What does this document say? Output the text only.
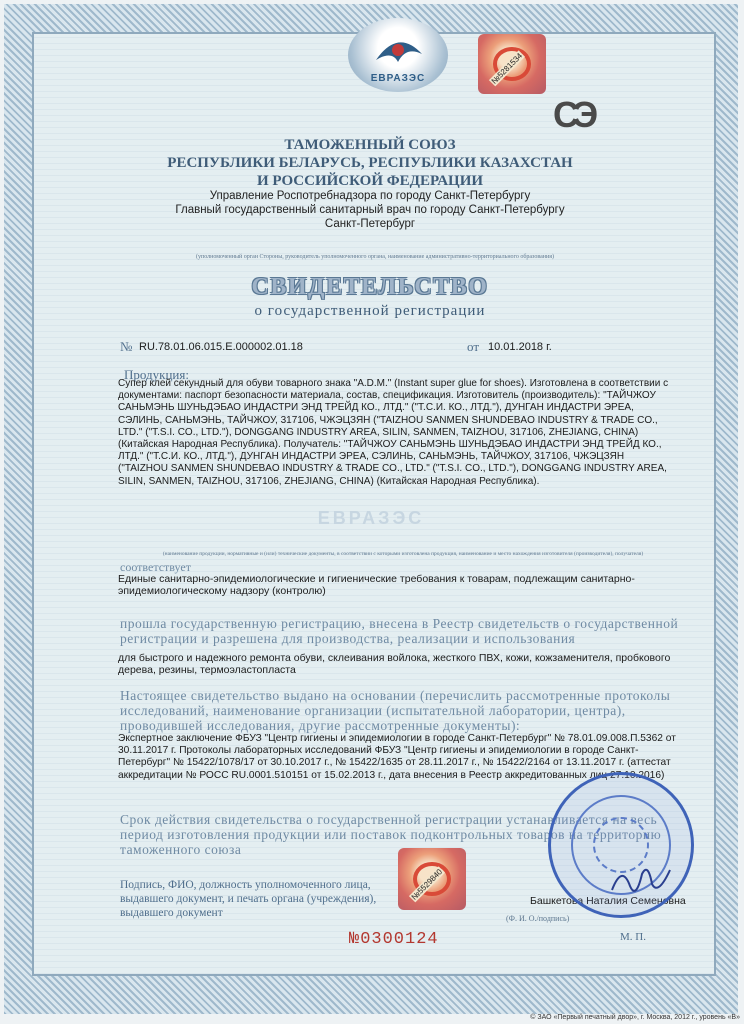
ЕВРАЗЭС	№5281534
СЭ
ТАМОЖЕННЫЙ СОЮЗ
РЕСПУБЛИКИ БЕЛАРУСЬ, РЕСПУБЛИКИ КАЗАХСТАН
И РОССИЙСКОЙ ФЕДЕРАЦИИ
Управление Роспотребнадзора по городу Санкт-Петербургу
Главный государственный санитарный врач по городу Санкт-Петербургу
Санкт-Петербург
(уполномоченный орган Стороны, руководитель уполномоченного органа, наименование административно-территориального образования)
СВИДЕТЕЛЬСТВО
о государственной регистрации
№ RU.78.01.06.015.Е.000002.01.18	от 10.01.2018 г.
Продукция:
Супер клей секундный для обуви товарного знака "A.D.M." (Instant super glue for shoes). Изготовлена в соответствии с документами: паспорт безопасности материала, состав, спецификация. Изготовитель (производитель): "ТАЙЧЖОУ САНЬМЭНЬ ШУНЬДЭБАО ИНДАСТРИ ЭНД ТРЕЙД КО., ЛТД." ("Т.С.И. КО., ЛТД."), ДУНГАН ИНДАСТРИ ЭРЕА, СЭЛИНЬ, САНЬМЭНЬ, ТАЙЧЖОУ, 317106, ЧЖЭЦЗЯН ("TAIZHOU SANMEN SHUNDEBAO INDUSTRY & TRADE CO., LTD." ("T.S.I. CO., LTD."), DONGGANG INDUSTRY AREA, SILIN, SANMEN, TAIZHOU, 317106, ZHEJIANG, CHINA) (Китайская Народная Республика). Получатель: "ТАЙЧЖОУ САНЬМЭНЬ ШУНЬДЭБАО ИНДАСТРИ ЭНД ТРЕЙД КО., ЛТД." ("Т.С.И. КО., ЛТД."), ДУНГАН ИНДАСТРИ ЭРЕА, СЭЛИНЬ, САНЬМЭНЬ, ТАЙЧЖОУ, 317106, ЧЖЭЦЗЯН ("TAIZHOU SANMEN SHUNDEBAO INDUSTRY & TRADE CO., LTD." ("T.S.I. CO., LTD."), DONGGANG INDUSTRY AREA, SILIN, SANMEN, TAIZHOU, 317106, ZHEJIANG, CHINA) (Китайская Народная Республика).
ЕВРАЗЭС
(наименование продукции, нормативные и (или) технические документы, в соответствии с которыми изготовлена продукция, наименование и место нахождения изготовителя (производителя), получателя)
соответствует
Единые санитарно-эпидемиологические и гигиенические требования к товарам, подлежащим санитарно-эпидемиологическому надзору (контролю)
прошла государственную регистрацию, внесена в Реестр свидетельств о государственной регистрации и разрешена для производства, реализации и использования
для быстрого и надежного ремонта обуви, склеивания войлока, жесткого ПВХ, кожи, кожзаменителя, пробкового дерева, резины, термоэластопласта
Настоящее свидетельство выдано на основании (перечислить рассмотренные протоколы исследований, наименование организации (испытательной лаборатории, центра), проводившей исследования, другие рассмотренные документы):
Экспертное заключение ФБУЗ "Центр гигиены и эпидемиологии в городе Санкт-Петербург" № 78.01.09.008.П.5362 от 30.11.2017 г. Протоколы лабораторных исследований ФБУЗ "Центр гигиены и эпидемиологии в городе Санкт-Петербург" № 15422/1078/17 от 30.10.2017 г., № 15422/1635 от 28.11.2017 г., № 15422/2164 от 13.11.2017 г. (аттестат аккредитации № РОСС RU.0001.510151 от 15.02.2013 г., дата внесения в Реестр аккредитованных лиц 27.10.2016)
Срок действия свидетельства о государственной регистрации устанавливается на весь период изготовления продукции или поставок подконтрольных товаров на территорию таможенного союза
№5529840
Подпись, ФИО, должность уполномоченного лица, выдавшего документ, и печать органа (учреждения), выдавшего документ
Башкетова Наталия Семеновна
(Ф. И. О./подпись)
М. П.
№0300124
© ЗАО «Первый печатный двор», г. Москва, 2012 г., уровень «В»
